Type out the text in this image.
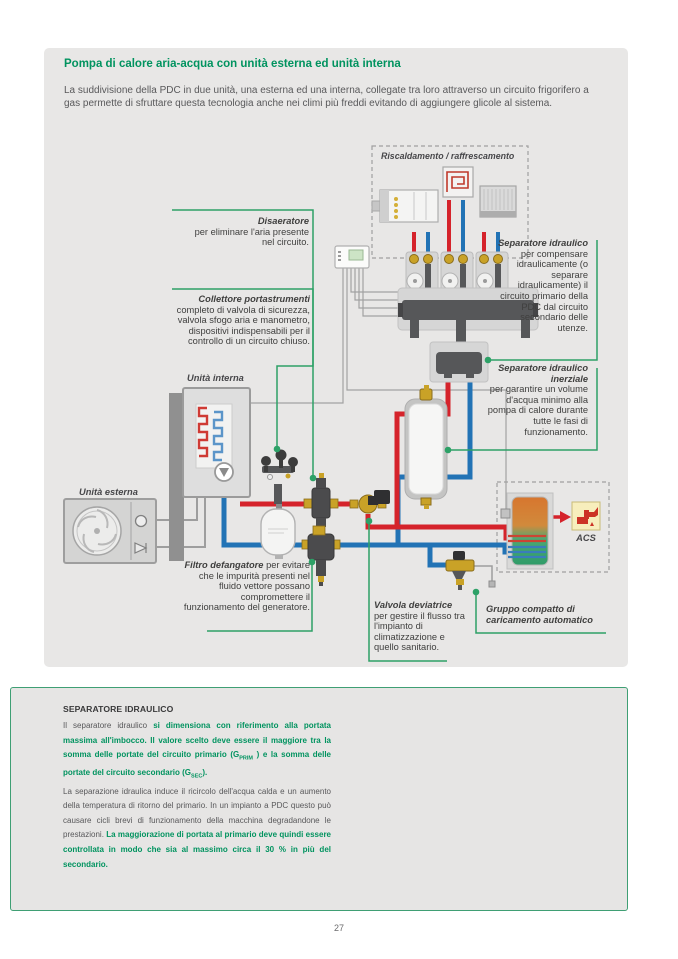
Pompa di calore aria-acqua con unità esterna ed unità interna
La suddivisione della PDC in due unità, una esterna ed una interna, collegate tra loro attraverso un circuito frigorifero a gas permette di sfruttare questa tecnologia anche nei climi più freddi evitando di aggiungere glicole al sistema.
Riscaldamento / raffrescamento
Unità interna
Unità esterna
ACS
Disaeratore
per eliminare l'aria presente nel circuito.
Collettore portastrumenti
completo di valvola di sicurezza, valvola sfogo aria e manometro, dispositivi indispensabili per il controllo di un circuito chiuso.
Separatore idraulico
per compensare idraulicamente (o separare idraulicamente) il circuito primario della PDC dal circuito secondario delle utenze.
Separatore idraulico inerziale
per garantire un volume d'acqua minimo alla pompa di calore durante tutte le fasi di funzionamento.
Filtro defangatore per evitare che le impurità presenti nel fluido vettore possano compromettere il funzionamento del generatore.	Valvola deviatrice
per gestire il flusso tra l'impianto di climatizzazione e quello sanitario.
Gruppo compatto di caricamento automatico
SEPARATORE IDRAULICO

Il separatore idraulico si dimensiona con riferimento alla portata massima all'imbocco. Il valore scelto deve essere il maggiore tra la somma delle portate del circuito primario ($G_{PRIM}$ ) e la somma delle portate del circuito secondario $(G_{SEC})$.

La separazione idraulica induce il ricircolo dell'acqua calda e un aumento della temperatura di ritorno del primario. In un impianto a PDC questo può causare cicli brevi di funzionamento della macchina degradandone le prestazioni. La maggiorazione di portata al primario deve quindi essere controllata in modo che sia al massimo circa il 30 % in più del secondario.

27
